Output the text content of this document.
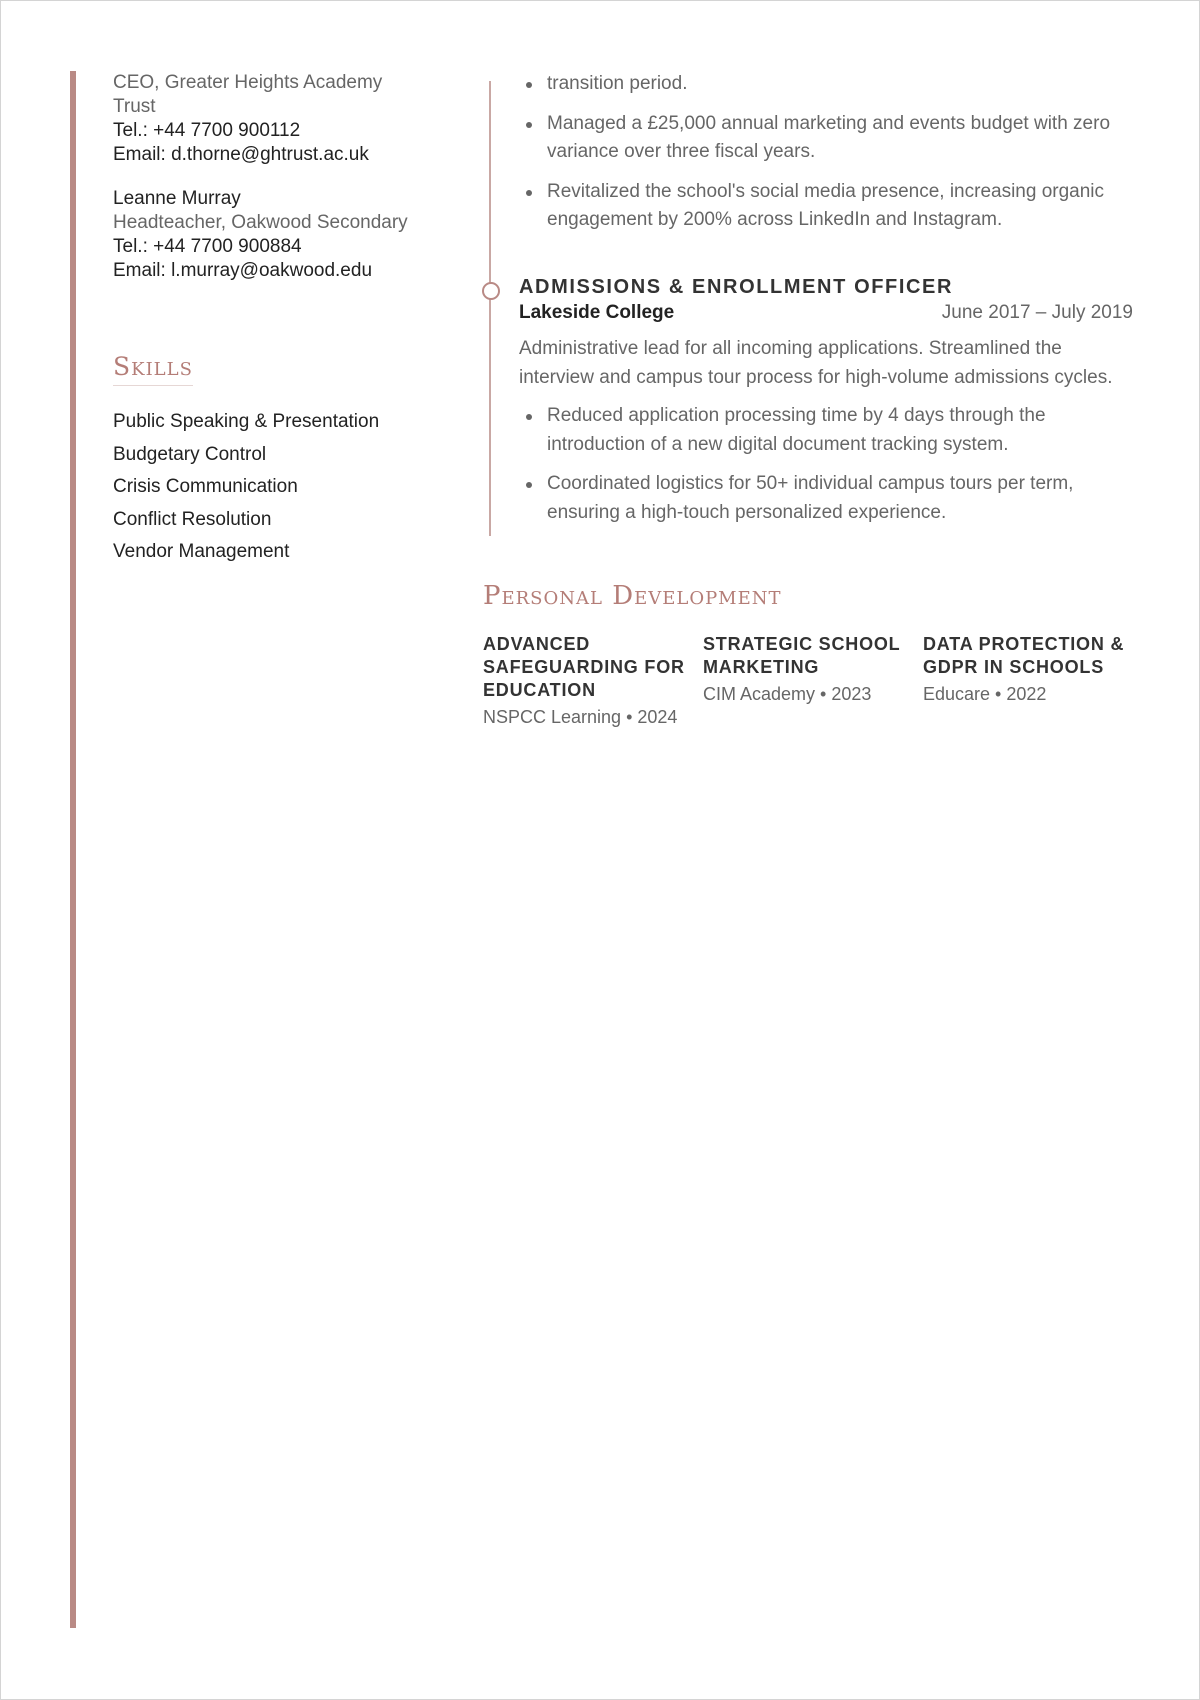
CEO, Greater Heights Academy Trust
Tel.: +44 7700 900112
Email: d.thorne@ghtrust.ac.uk
Leanne Murray
Headteacher, Oakwood Secondary
Tel.: +44 7700 900884
Email: l.murray@oakwood.edu
Skills
Public Speaking & Presentation
Budgetary Control
Crisis Communication
Conflict Resolution
Vendor Management
transition period.
Managed a £25,000 annual marketing and events budget with zero variance over three fiscal years.
Revitalized the school's social media presence, increasing organic engagement by 200% across LinkedIn and Instagram.
ADMISSIONS & ENROLLMENT OFFICER
Lakeside College	June 2017 – July 2019
Administrative lead for all incoming applications. Streamlined the interview and campus tour process for high-volume admissions cycles.
Reduced application processing time by 4 days through the introduction of a new digital document tracking system.
Coordinated logistics for 50+ individual campus tours per term, ensuring a high-touch personalized experience.
Personal Development
ADVANCED SAFEGUARDING FOR EDUCATION
NSPCC Learning • 2024
STRATEGIC SCHOOL MARKETING
CIM Academy • 2023
DATA PROTECTION & GDPR IN SCHOOLS
Educare • 2022
